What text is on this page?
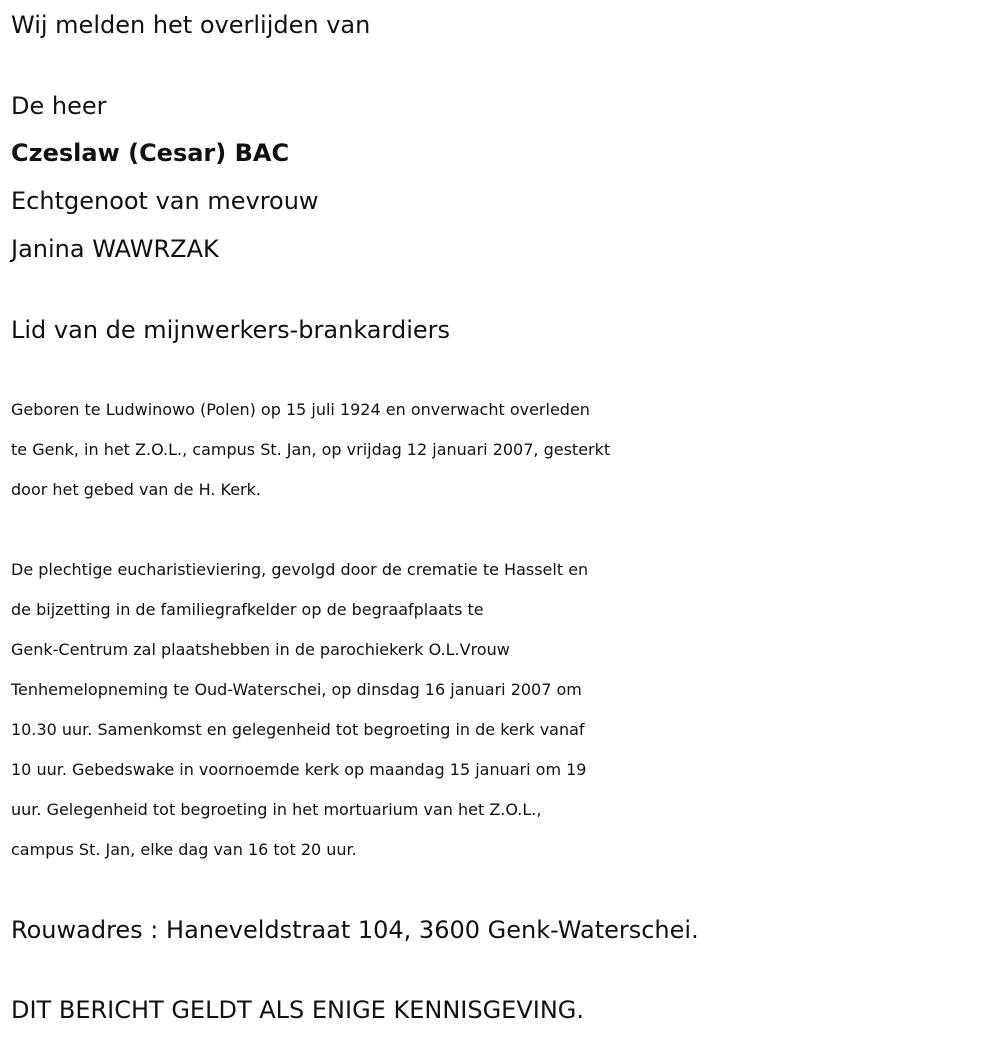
Wij melden het overlijden van

De heer

Czeslaw (Cesar) BAC

Echtgenoot van mevrouw

Janina WAWRZAK

Lid van de mijnwerkers-brankardiers

Geboren te Ludwinowo (Polen) op 15 juli 1924 en onverwacht overleden
te Genk, in het Z.O.L., campus St. Jan, op vrijdag 12 januari 2007, gesterkt
door het gebed van de H. Kerk.
De plechtige eucharistieviering, gevolgd door de crematie te Hasselt en
de bijzetting in de familiegrafkelder op de begraafplaats te
Genk-Centrum zal plaatshebben in de parochiekerk O.L.Vrouw
Tenhemelopneming te Oud-Waterschei, op dinsdag 16 januari 2007 om
10.30 uur. Samenkomst en gelegenheid tot begroeting in de kerk vanaf
10 uur. Gebedswake in voornoemde kerk op maandag 15 januari om 19
uur. Gelegenheid tot begroeting in het mortuarium van het Z.O.L.,
campus St. Jan, elke dag van 16 tot 20 uur.

Rouwadres : Haneveldstraat 104, 3600 Genk-Waterschei.

DIT BERICHT GELDT ALS ENIGE KENNISGEVING.
